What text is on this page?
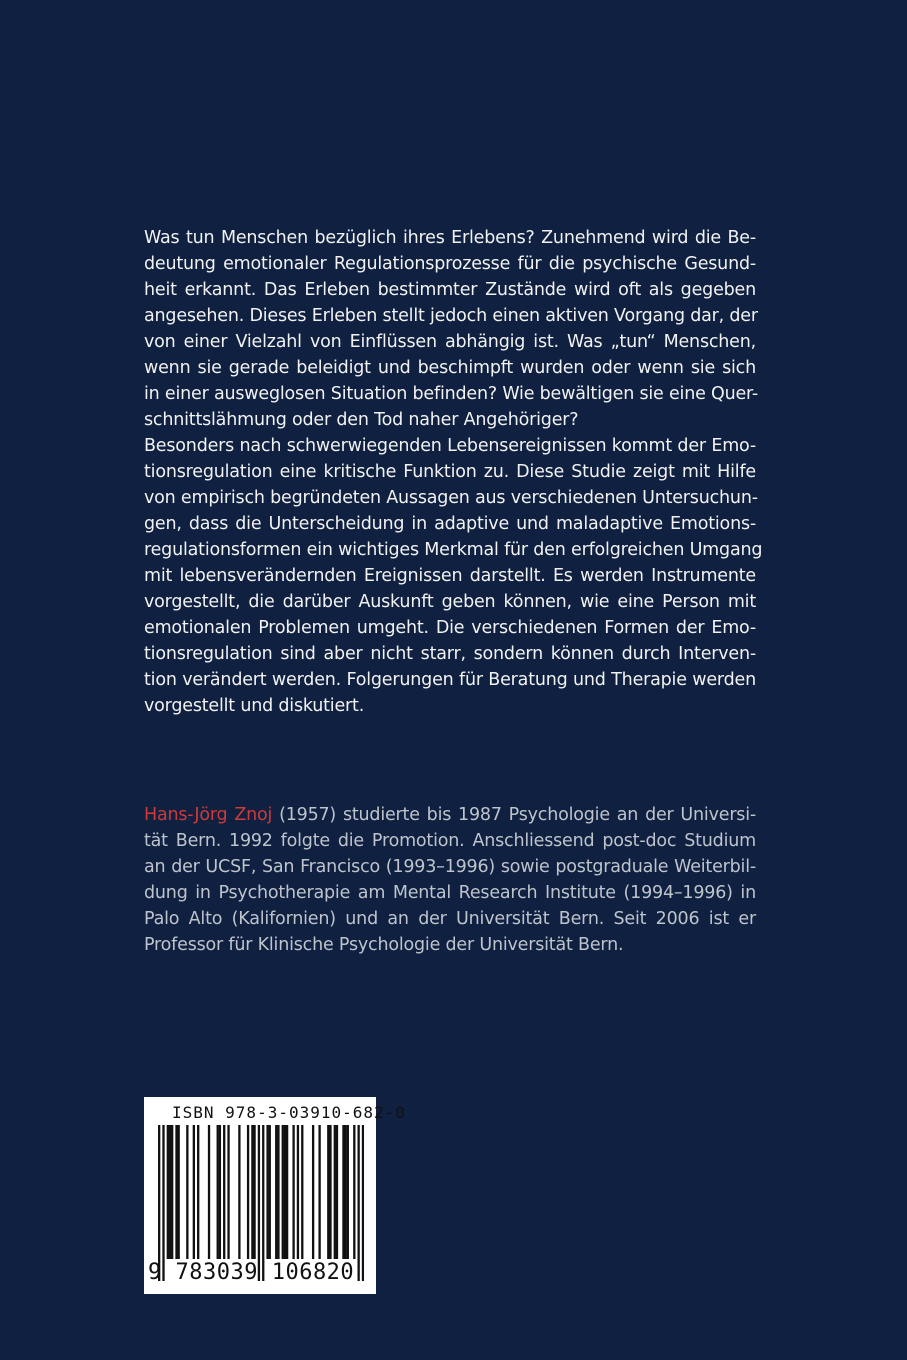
Was tun Menschen bezüglich ihres Erlebens? Zunehmend wird die Be-
deutung emotionaler Regulationsprozesse für die psychische Gesund-
heit erkannt. Das Erleben bestimmter Zustände wird oft als gegeben
angesehen. Dieses Erleben stellt jedoch einen aktiven Vorgang dar, der
von einer Vielzahl von Einflüssen abhängig ist. Was „tun“ Menschen,
wenn sie gerade beleidigt und beschimpft wurden oder wenn sie sich
in einer ausweglosen Situation befinden? Wie bewältigen sie eine Quer-
schnittslähmung oder den Tod naher Angehöriger?
Besonders nach schwerwiegenden Lebensereignissen kommt der Emo-
tionsregulation eine kritische Funktion zu. Diese Studie zeigt mit Hilfe
von empirisch begründeten Aussagen aus verschiedenen Untersuchun-
gen, dass die Unterscheidung in adaptive und maladaptive Emotions-
regulationsformen ein wichtiges Merkmal für den erfolgreichen Umgang
mit lebensverändernden Ereignissen darstellt. Es werden Instrumente
vorgestellt, die darüber Auskunft geben können, wie eine Person mit
emotionalen Problemen umgeht. Die verschiedenen Formen der Emo-
tionsregulation sind aber nicht starr, sondern können durch Interven-
tion verändert werden. Folgerungen für Beratung und Therapie werden
vorgestellt und diskutiert.
Hans-Jörg Znoj (1957) studierte bis 1987 Psychologie an der Universi-
tät Bern. 1992 folgte die Promotion. Anschliessend post-doc Studium
an der UCSF, San Francisco (1993–1996) sowie postgraduale Weiterbil-
dung in Psychotherapie am Mental Research Institute (1994–1996) in
Palo Alto (Kalifornien) und an der Universität Bern. Seit 2006 ist er
Professor für Klinische Psychologie der Universität Bern.
ISBN 978-3-03910-682-0
9 783039 106820
